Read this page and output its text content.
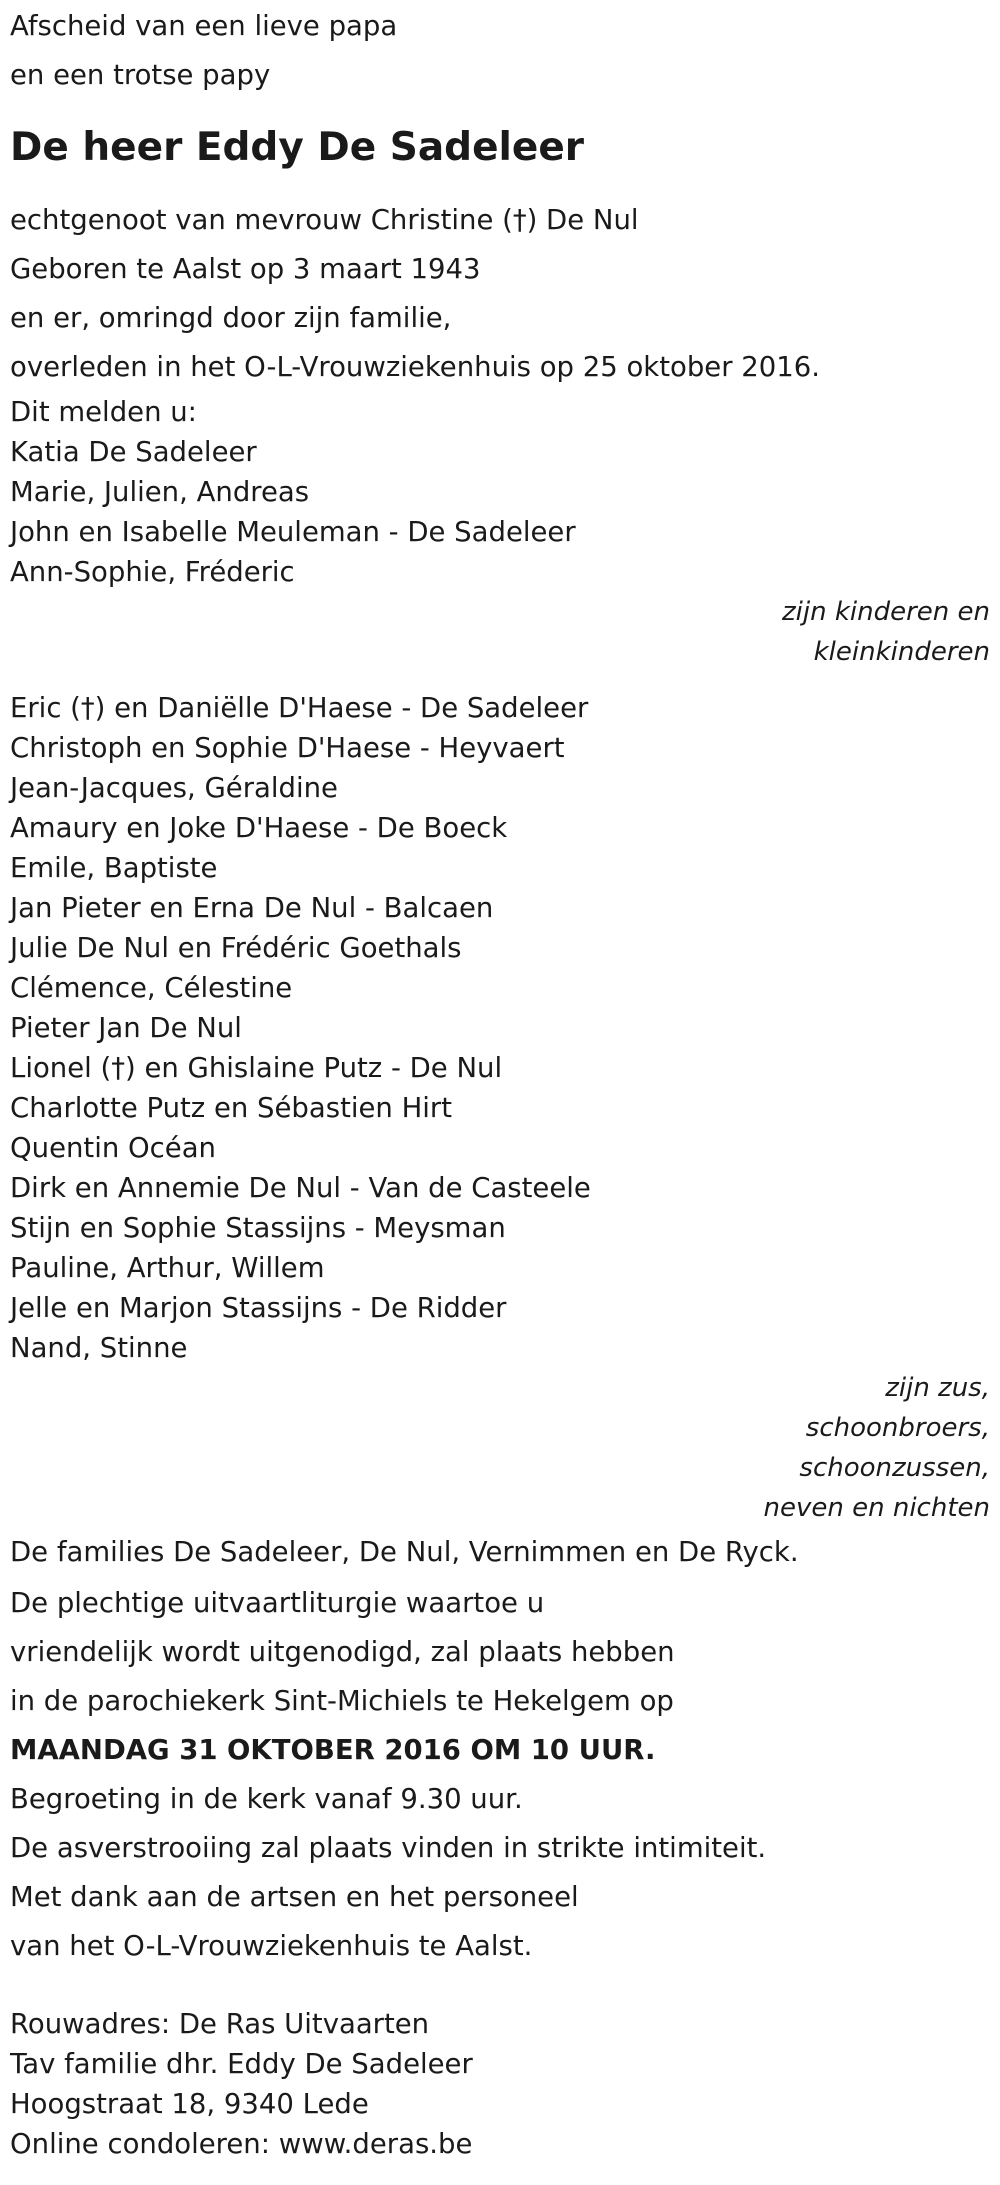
Afscheid van een lieve papa
en een trotse papy
De heer Eddy De Sadeleer
echtgenoot van mevrouw Christine (†) De Nul
Geboren te Aalst op 3 maart 1943
en er, omringd door zijn familie,
overleden in het O-L-Vrouwziekenhuis op 25 oktober 2016.
Dit melden u:
Katia De Sadeleer
Marie, Julien, Andreas
John en Isabelle Meuleman - De Sadeleer
Ann-Sophie, Fréderic
zijn kinderen en
kleinkinderen
Eric (†) en Daniëlle D'Haese - De Sadeleer
Christoph en Sophie D'Haese - Heyvaert
Jean-Jacques, Géraldine
Amaury en Joke D'Haese - De Boeck
Emile, Baptiste
Jan Pieter en Erna De Nul - Balcaen
Julie De Nul en Frédéric Goethals
Clémence, Célestine
Pieter Jan De Nul
Lionel (†) en Ghislaine Putz - De Nul
Charlotte Putz en Sébastien Hirt
Quentin Océan
Dirk en Annemie De Nul - Van de Casteele
Stijn en Sophie Stassijns - Meysman
Pauline, Arthur, Willem
Jelle en Marjon Stassijns - De Ridder
Nand, Stinne
zijn zus,
schoonbroers,
schoonzussen,
neven en nichten
De families De Sadeleer, De Nul, Vernimmen en De Ryck.
De plechtige uitvaartliturgie waartoe u
vriendelijk wordt uitgenodigd, zal plaats hebben
in de parochiekerk Sint-Michiels te Hekelgem op
MAANDAG 31 OKTOBER 2016 OM 10 UUR.
Begroeting in de kerk vanaf 9.30 uur.
De asverstrooiing zal plaats vinden in strikte intimiteit.
Met dank aan de artsen en het personeel
van het O-L-Vrouwziekenhuis te Aalst.
Rouwadres: De Ras Uitvaarten
Tav familie dhr. Eddy De Sadeleer
Hoogstraat 18, 9340 Lede
Online condoleren: www.deras.be
